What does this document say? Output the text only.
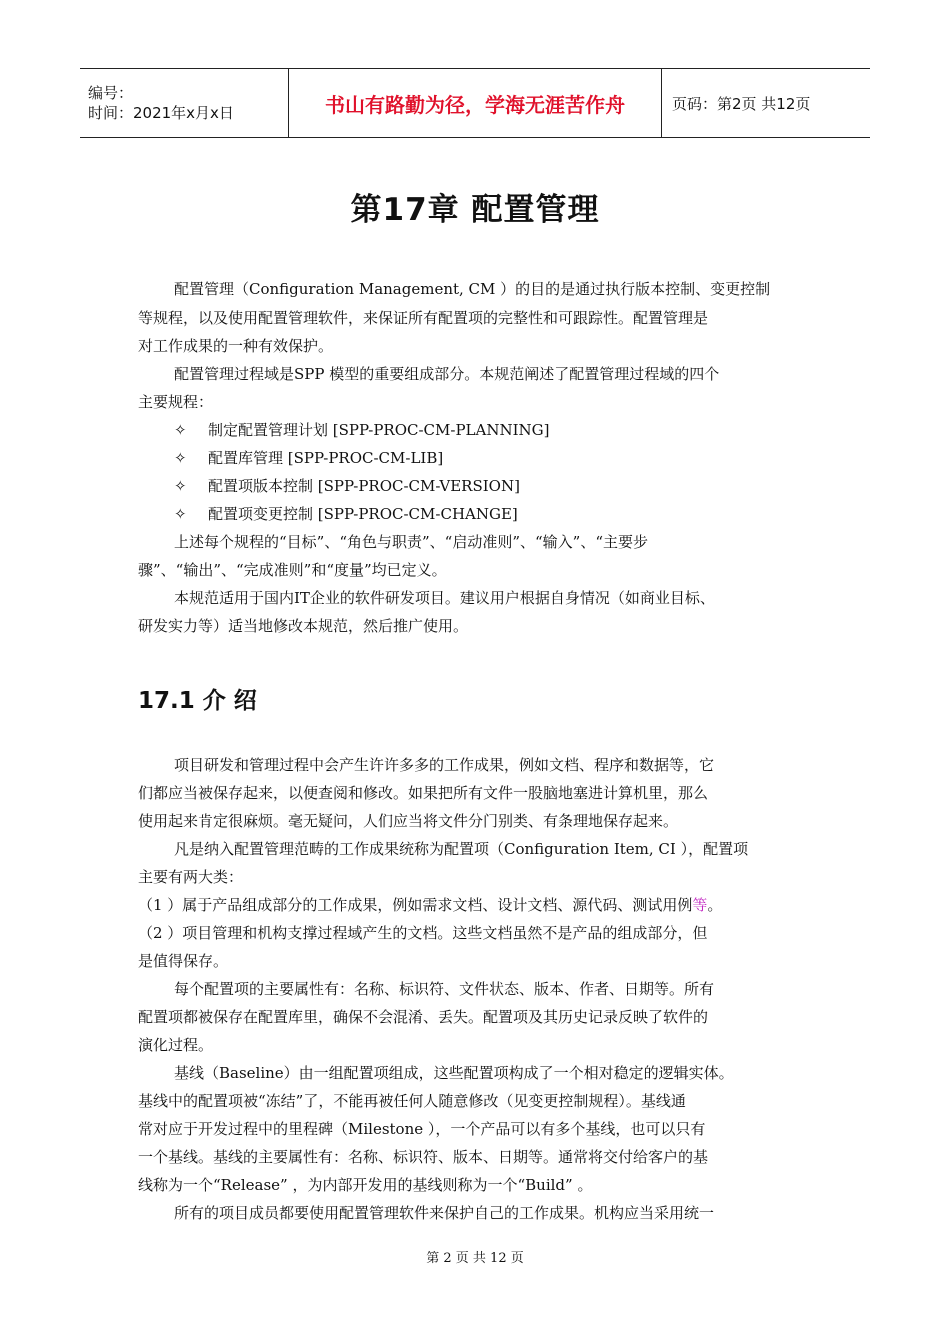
编号：
时间：2021年x月x日	书山有路勤为径，学海无涯苦作舟	页码：第2页 共12页
第17章 配置管理
配置管理（Configuration Management, CM ）的目的是通过执行版本控制、变更控制
等规程，以及使用配置管理软件，来保证所有配置项的完整性和可跟踪性。配置管理是
对工作成果的一种有效保护。
配置管理过程域是SPP 模型的重要组成部分。本规范阐述了配置管理过程域的四个
主要规程：
✧ 制定配置管理计划 [SPP-PROC-CM-PLANNING]
✧ 配置库管理 [SPP-PROC-CM-LIB]
✧ 配置项版本控制 [SPP-PROC-CM-VERSION]
✧ 配置项变更控制 [SPP-PROC-CM-CHANGE]
上述每个规程的“目标”、“角色与职责”、“启动准则”、“输入”、“主要步
骤”、“输出”、“完成准则”和“度量”均已定义。
本规范适用于国内IT企业的软件研发项目。建议用户根据自身情况（如商业目标、
研发实力等）适当地修改本规范，然后推广使用。
17.1 介 绍
项目研发和管理过程中会产生许许多多的工作成果，例如文档、程序和数据等，它
们都应当被保存起来，以便查阅和修改。如果把所有文件一股脑地塞进计算机里，那么
使用起来肯定很麻烦。毫无疑问，人们应当将文件分门别类、有条理地保存起来。
凡是纳入配置管理范畴的工作成果统称为配置项（Configuration Item, CI ），配置项
主要有两大类：
（1 ）属于产品组成部分的工作成果，例如需求文档、设计文档、源代码、测试用例等。
（2 ）项目管理和机构支撑过程域产生的文档。这些文档虽然不是产品的组成部分，但
是值得保存。
每个配置项的主要属性有：名称、标识符、文件状态、版本、作者、日期等。所有
配置项都被保存在配置库里，确保不会混淆、丢失。配置项及其历史记录反映了软件的
演化过程。
基线（Baseline）由一组配置项组成，这些配置项构成了一个相对稳定的逻辑实体。
基线中的配置项被“冻结”了，不能再被任何人随意修改（见变更控制规程）。基线通
常对应于开发过程中的里程碑（Milestone ），一个产品可以有多个基线，也可以只有
一个基线。基线的主要属性有：名称、标识符、版本、日期等。通常将交付给客户的基
线称为一个“Release” ，为内部开发用的基线则称为一个“Build” 。
所有的项目成员都要使用配置管理软件来保护自己的工作成果。机构应当采用统一
第 2 页 共 12 页
